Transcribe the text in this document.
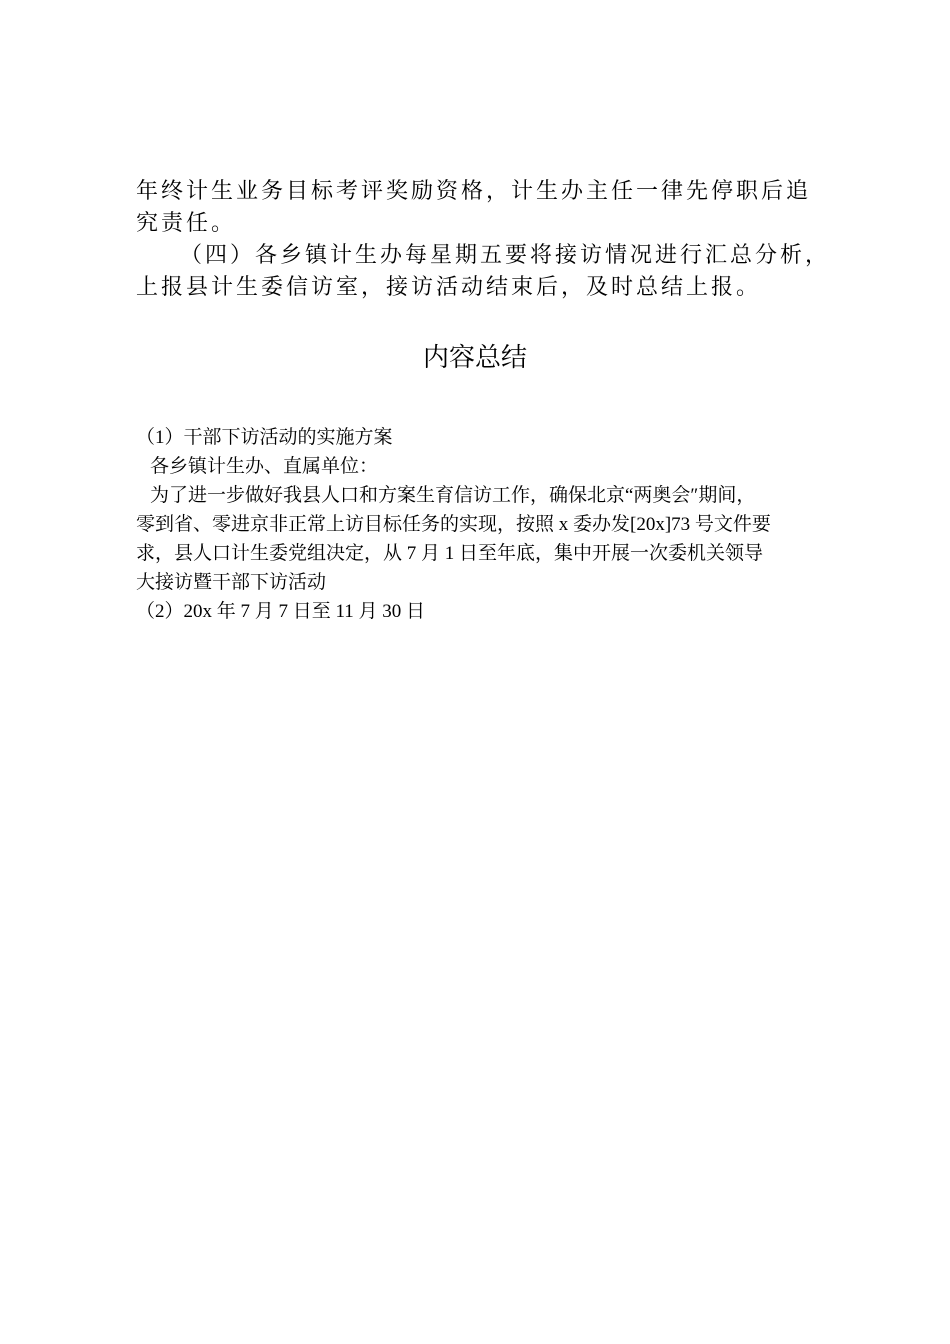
年终计生业务目标考评奖励资格，计生办主任一律先停职后追
究责任。
（四）各乡镇计生办每星期五要将接访情况进行汇总分析，
上报县计生委信访室，接访活动结束后，及时总结上报。
内容总结
（1）干部下访活动的实施方案
各乡镇计生办、直属单位：
为了进一步做好我县人口和方案生育信访工作，确保北京“两奥会″期间，
零到省、零进京非正常上访目标任务的实现，按照 x 委办发[20x]73 号文件要
求，县人口计生委党组决定，从 7 月 1 日至年底，集中开展一次委机关领导
大接访暨干部下访活动
（2）20x 年 7 月 7 日至 11 月 30 日
